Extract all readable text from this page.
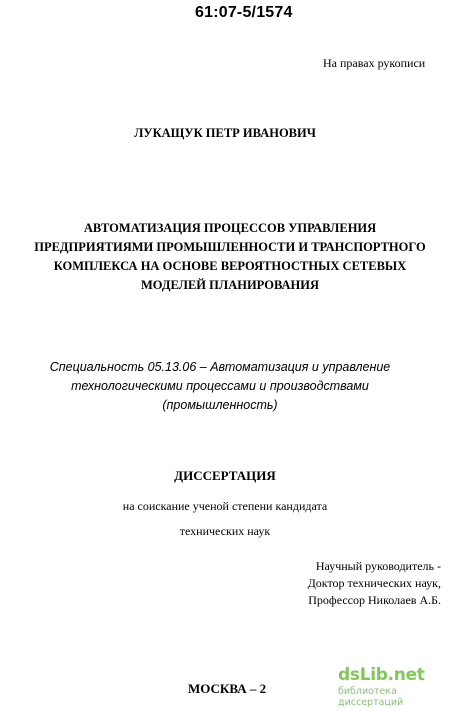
61:07-5/1574
На правах рукописи
ЛУКАЩУК ПЕТР ИВАНОВИЧ
АВТОМАТИЗАЦИЯ ПРОЦЕССОВ УПРАВЛЕНИЯ
ПРЕДПРИЯТИЯМИ ПРОМЫШЛЕННОСТИ И ТРАНСПОРТНОГО
КОМПЛЕКСА НА ОСНОВЕ ВЕРОЯТНОСТНЫХ СЕТЕВЫХ
МОДЕЛЕЙ ПЛАНИРОВАНИЯ
Специальность 05.13.06 – Автоматизация и управление
технологическими процессами и производствами
(промышленность)
ДИССЕРТАЦИЯ
на соискание ученой степени кандидата
технических наук
Научный руководитель -
Доктор технических наук,
Профессор Николаев А.Б.
МОСКВА – 2
dsLib.net
библиотека диссертаций
